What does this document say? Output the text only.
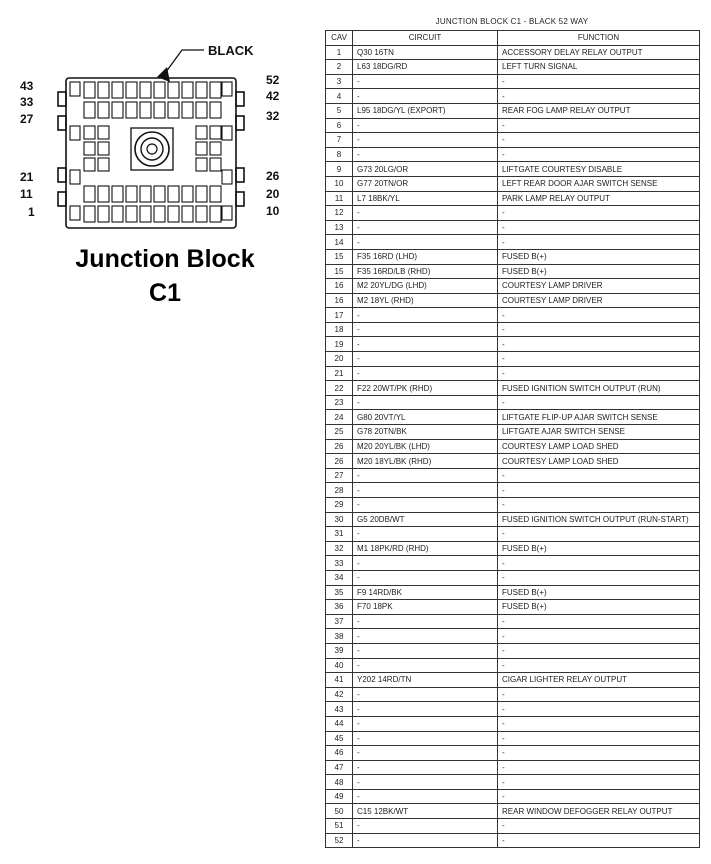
BLACK
43
33
27
21
11
1
52
42
32
26
20
10
Junction Block
C1
JUNCTION BLOCK C1 - BLACK 52 WAY
CAV	CIRCUIT	FUNCTION
1	Q30 16TN	ACCESSORY DELAY RELAY OUTPUT
2	L63 18DG/RD	LEFT TURN SIGNAL
3	-	-
4	-	-
5	L95 18DG/YL (EXPORT)	REAR FOG LAMP RELAY OUTPUT
6	-	-
7	-	-
8	-	-
9	G73 20LG/OR	LIFTGATE COURTESY DISABLE
10	G77 20TN/OR	LEFT REAR DOOR AJAR SWITCH SENSE
11	L7 18BK/YL	PARK LAMP RELAY OUTPUT
12	-	-
13	-	-
14	-	-
15	F35 16RD (LHD)	FUSED B(+)
15	F35 16RD/LB (RHD)	FUSED B(+)
16	M2 20YL/DG (LHD)	COURTESY LAMP DRIVER
16	M2 18YL (RHD)	COURTESY LAMP DRIVER
17	-	-
18	-	-
19	-	-
20	-	-
21	-	-
22	F22 20WT/PK (RHD)	FUSED IGNITION SWITCH OUTPUT (RUN)
23	-	-
24	G80 20VT/YL	LIFTGATE FLIP-UP AJAR SWITCH SENSE
25	G78 20TN/BK	LIFTGATE AJAR SWITCH SENSE
26	M20 20YL/BK (LHD)	COURTESY LAMP LOAD SHED
26	M20 18YL/BK (RHD)	COURTESY LAMP LOAD SHED
27	-	-
28	-	-
29	-	-
30	G5 20DB/WT	FUSED IGNITION SWITCH OUTPUT (RUN-START)
31	-	-
32	M1 18PK/RD (RHD)	FUSED B(+)
33	-	-
34	-	-
35	F9 14RD/BK	FUSED B(+)
36	F70 18PK	FUSED B(+)
37	-	-
38	-	-
39	-	-
40	-	-
41	Y202 14RD/TN	CIGAR LIGHTER RELAY OUTPUT
42	-	-
43	-	-
44	-	-
45	-	-
46	-	-
47	-	-
48	-	-
49	-	-
50	C15 12BK/WT	REAR WINDOW DEFOGGER RELAY OUTPUT
51	-	-
52	-	-
